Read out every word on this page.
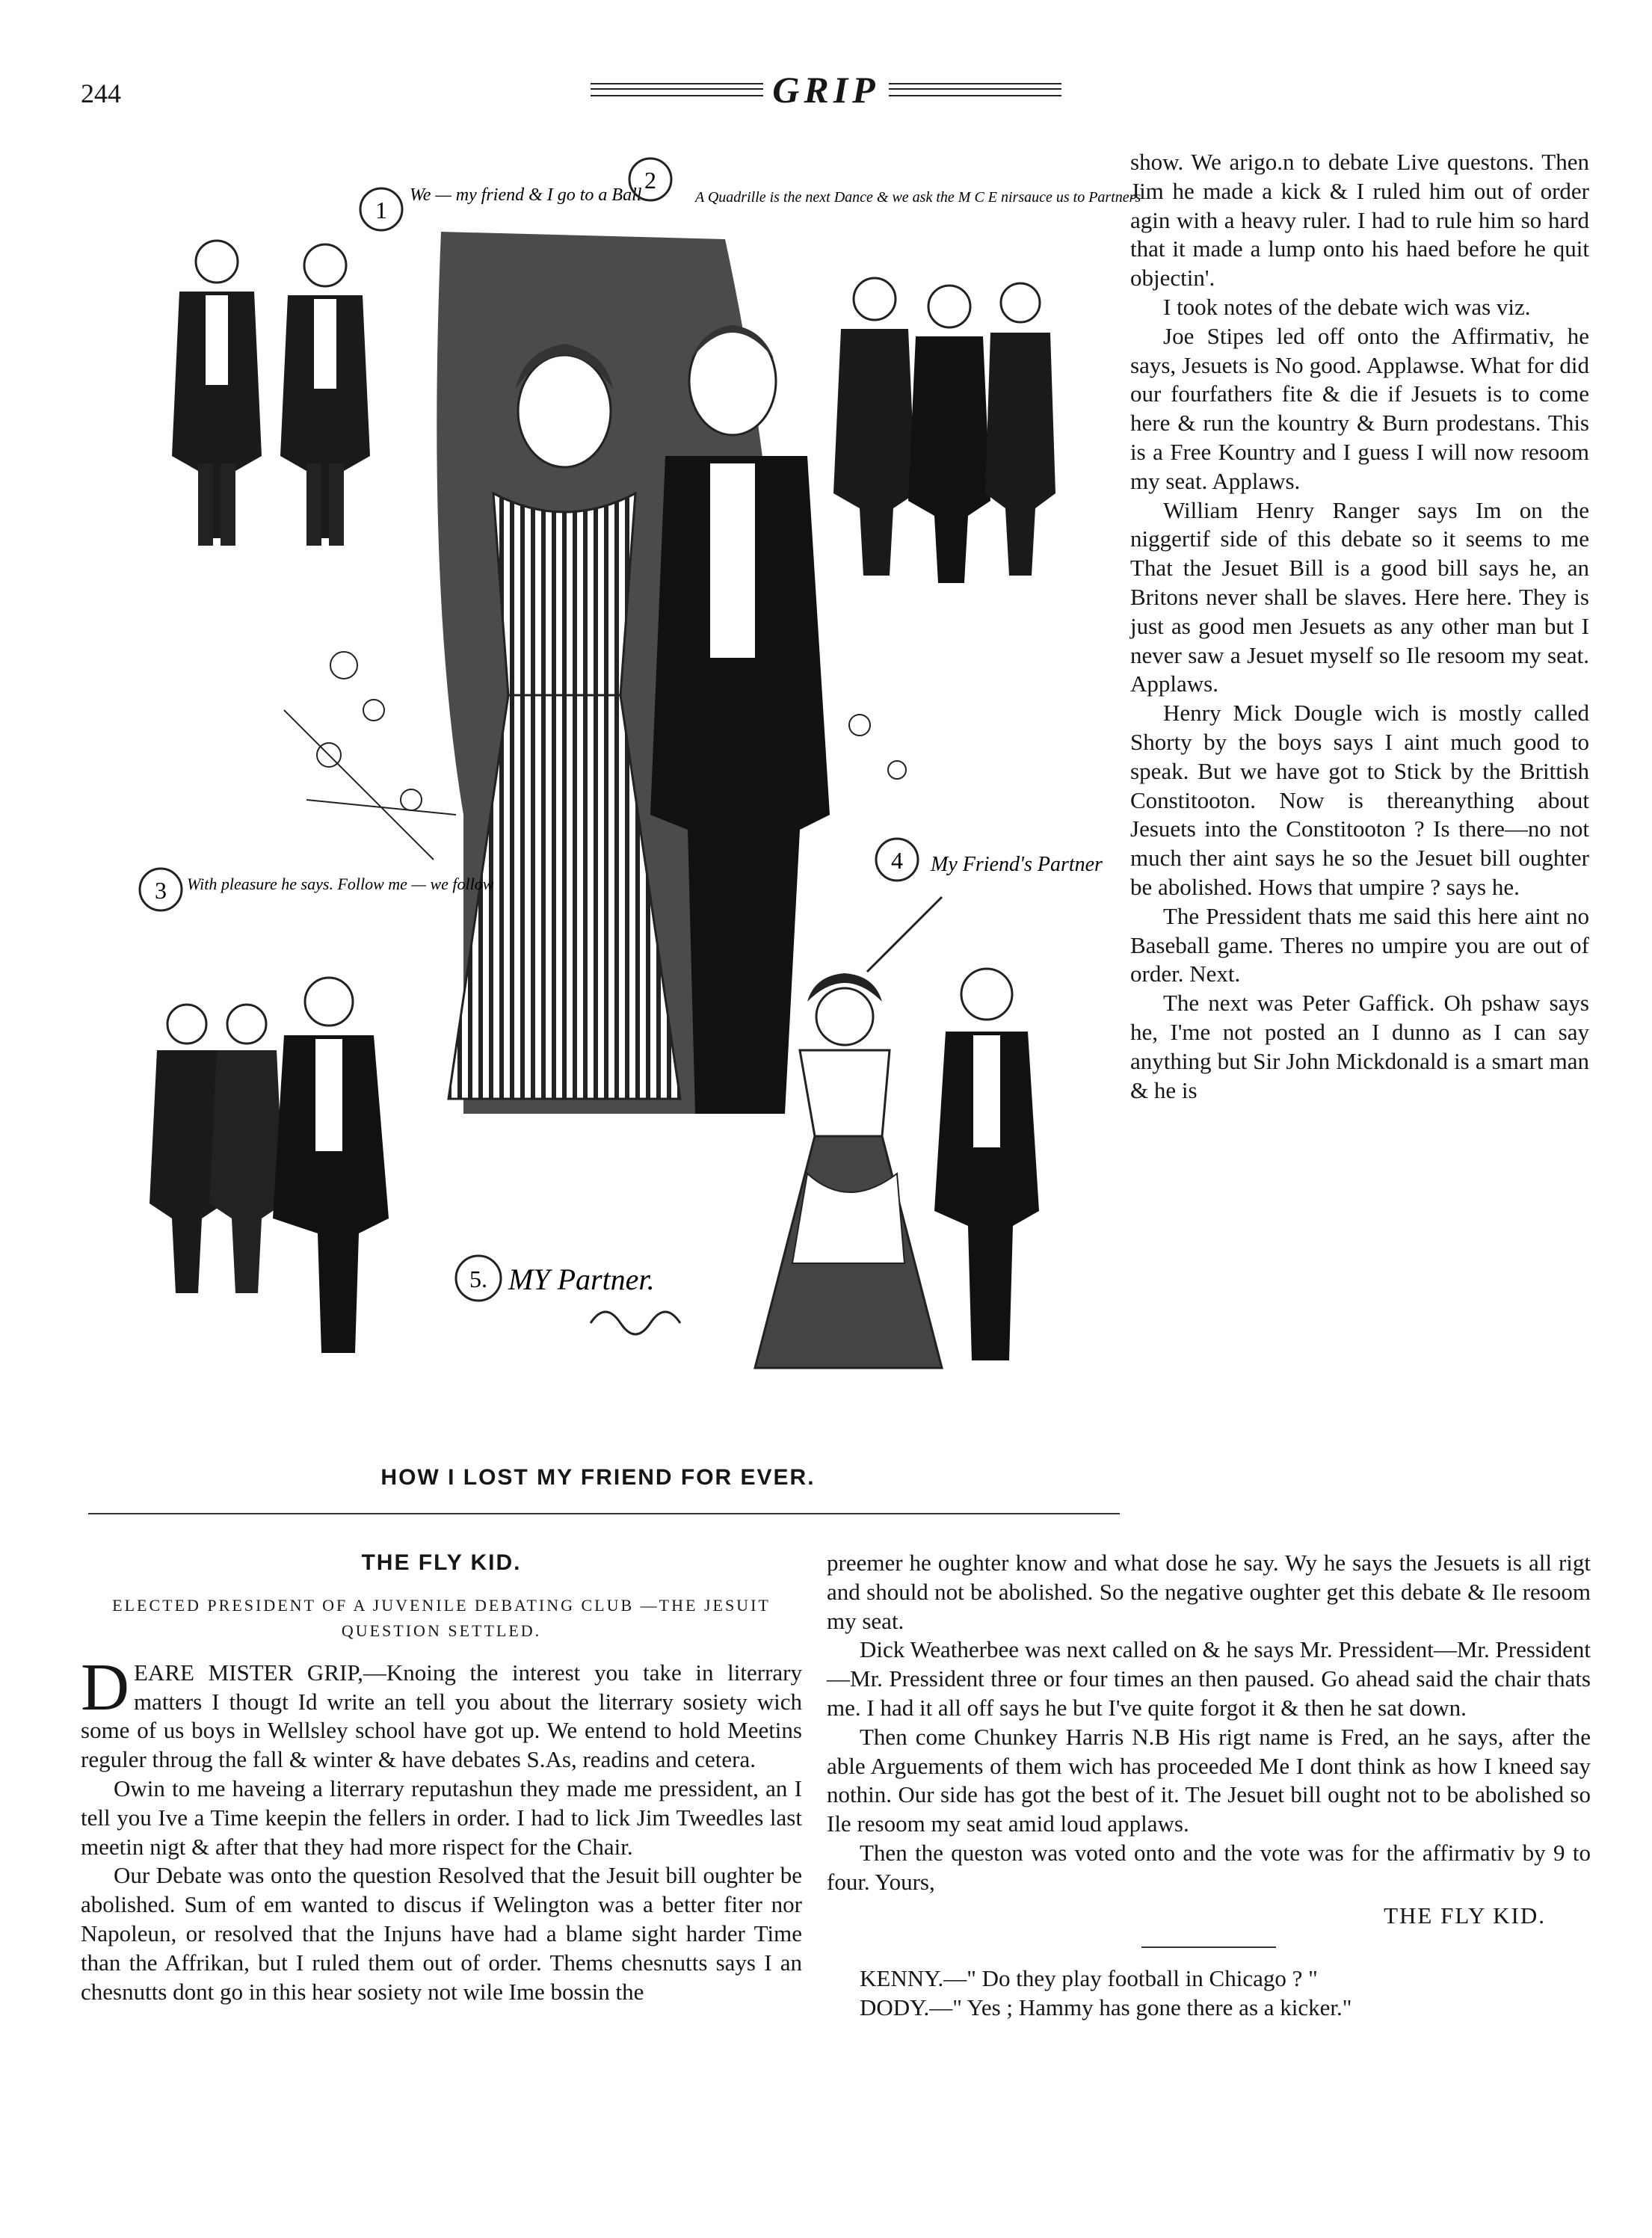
244	GRIP
1
We — my friend & I go to a Ball
2
A Quadrille is the next Dance & we ask the M C E nirsauce us to Partners
3 With pleasure he says. Follow me — we follow
5. MY Partner.
4 My Friend's Partner
HOW I LOST MY FRIEND FOR EVER.

show. We arigo.n to debate Live questons. Then Jim he made a kick & I ruled him out of order agin with a heavy ruler. I had to rule him so hard that it made a lump onto his haed before he quit objectin'.

I took notes of the debate wich was viz.

Joe Stipes led off onto the Affirmativ, he says, Jesuets is No good. Applawse. What for did our fourfathers fite & die if Jesuets is to come here & run the kountry & Burn prodestans. This is a Free Kountry and I guess I will now resoom my seat. Applaws.

William Henry Ranger says Im on the niggertif side of this debate so it seems to me That the Jesuet Bill is a good bill says he, an Britons never shall be slaves. Here here. They is just as good men Jesuets as any other man but I never saw a Jesuet myself so Ile resoom my seat. Applaws.

Henry Mick Dougle wich is mostly called Shorty by the boys says I aint much good to speak. But we have got to Stick by the Brittish Constitooton. Now is thereanything about Jesuets into the Constitooton ? Is there—no not much ther aint says he so the Jesuet bill oughter be abolished. Hows that umpire ? says he.

The Pressident thats me said this here aint no Baseball game. Theres no umpire you are out of order. Next.

The next was Peter Gaffick. Oh pshaw says he, I'me not posted an I dunno as I can say anything but Sir John Mickdonald is a smart man & he is

THE FLY KID.
ELECTED PRESIDENT OF A JUVENILE DEBATING CLUB —THE JESUIT QUESTION SETTLED.

DEARE MISTER GRIP,—Knoing the interest you take in literrary matters I thougt Id write an tell you about the literrary sosiety wich some of us boys in Wellsley school have got up. We entend to hold Meetins reguler throug the fall & winter & have debates S.As, readins and cetera.

Owin to me haveing a literrary reputashun they made me pressident, an I tell you Ive a Time keepin the fellers in order. I had to lick Jim Tweedles last meetin nigt & after that they had more rispect for the Chair.

Our Debate was onto the question Resolved that the Jesuit bill oughter be abolished. Sum of em wanted to discus if Welington was a better fiter nor Napoleun, or resolved that the Injuns have had a blame sight harder Time than the Affrikan, but I ruled them out of order. Thems chesnutts says I an chesnutts dont go in this hear sosiety not wile Ime bossin the

preemer he oughter know and what dose he say. Wy he says the Jesuets is all rigt and should not be abolished. So the negative oughter get this debate & Ile resoom my seat.

Dick Weatherbee was next called on & he says Mr. Pressident—Mr. Pressident—Mr. Pressident three or four times an then paused. Go ahead said the chair thats me. I had it all off says he but I've quite forgot it & then he sat down.

Then come Chunkey Harris N.B His rigt name is Fred, an he says, after the able Arguements of them wich has proceeded Me I dont think as how I kneed say nothin. Our side has got the best of it. The Jesuet bill ought not to be abolished so Ile resoom my seat amid loud applaws.

Then the queston was voted onto and the vote was for the affirmativ by 9 to four. Yours,

THE FLY KID.

KENNY.—" Do they play football in Chicago ? "

DODY.—" Yes ; Hammy has gone there as a kicker."
